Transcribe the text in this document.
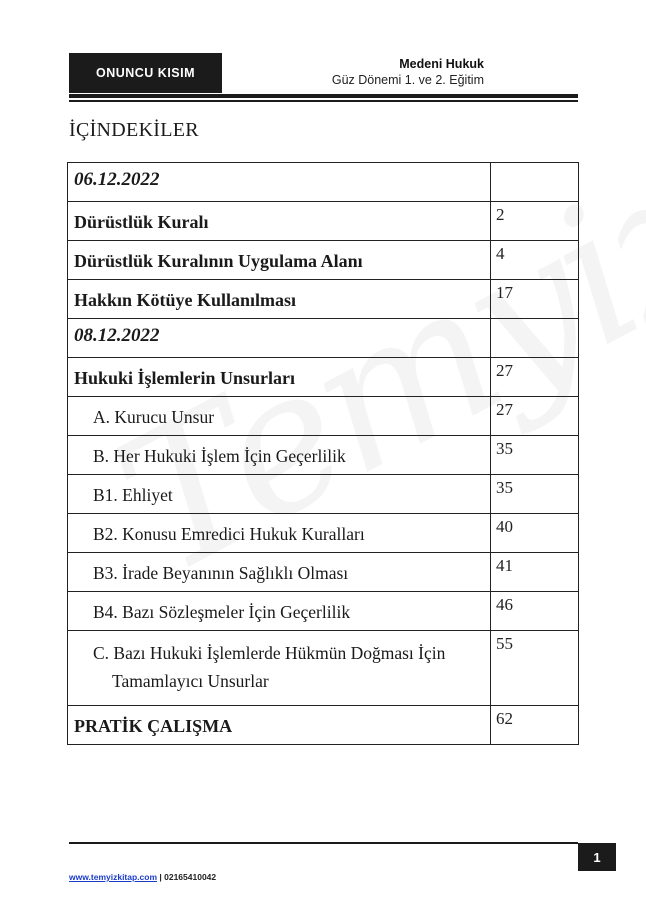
ONUNCU KISIM
Medeni Hukuk
Güz Dönemi 1. ve 2. Eğitim
İÇİNDEKİLER
06.12.2022	
Dürüstlük Kuralı	2
Dürüstlük Kuralının Uygulama Alanı	4
Hakkın Kötüye Kullanılması	17
08.12.2022	
Hukuki İşlemlerin Unsurları	27
A. Kurucu Unsur	27
B. Her Hukuki İşlem İçin Geçerlilik	35
B1. Ehliyet	35
B2. Konusu Emredici Hukuk Kuralları	40
B3. İrade Beyanının Sağlıklı Olması	41
B4. Bazı Sözleşmeler İçin Geçerlilik	46
C. Bazı Hukuki İşlemlerde Hükmün Doğması İçin
Tamamlayıcı Unsurlar	55
PRATİK ÇALIŞMA	62
1
www.temyizkitap.com | 02165410042
